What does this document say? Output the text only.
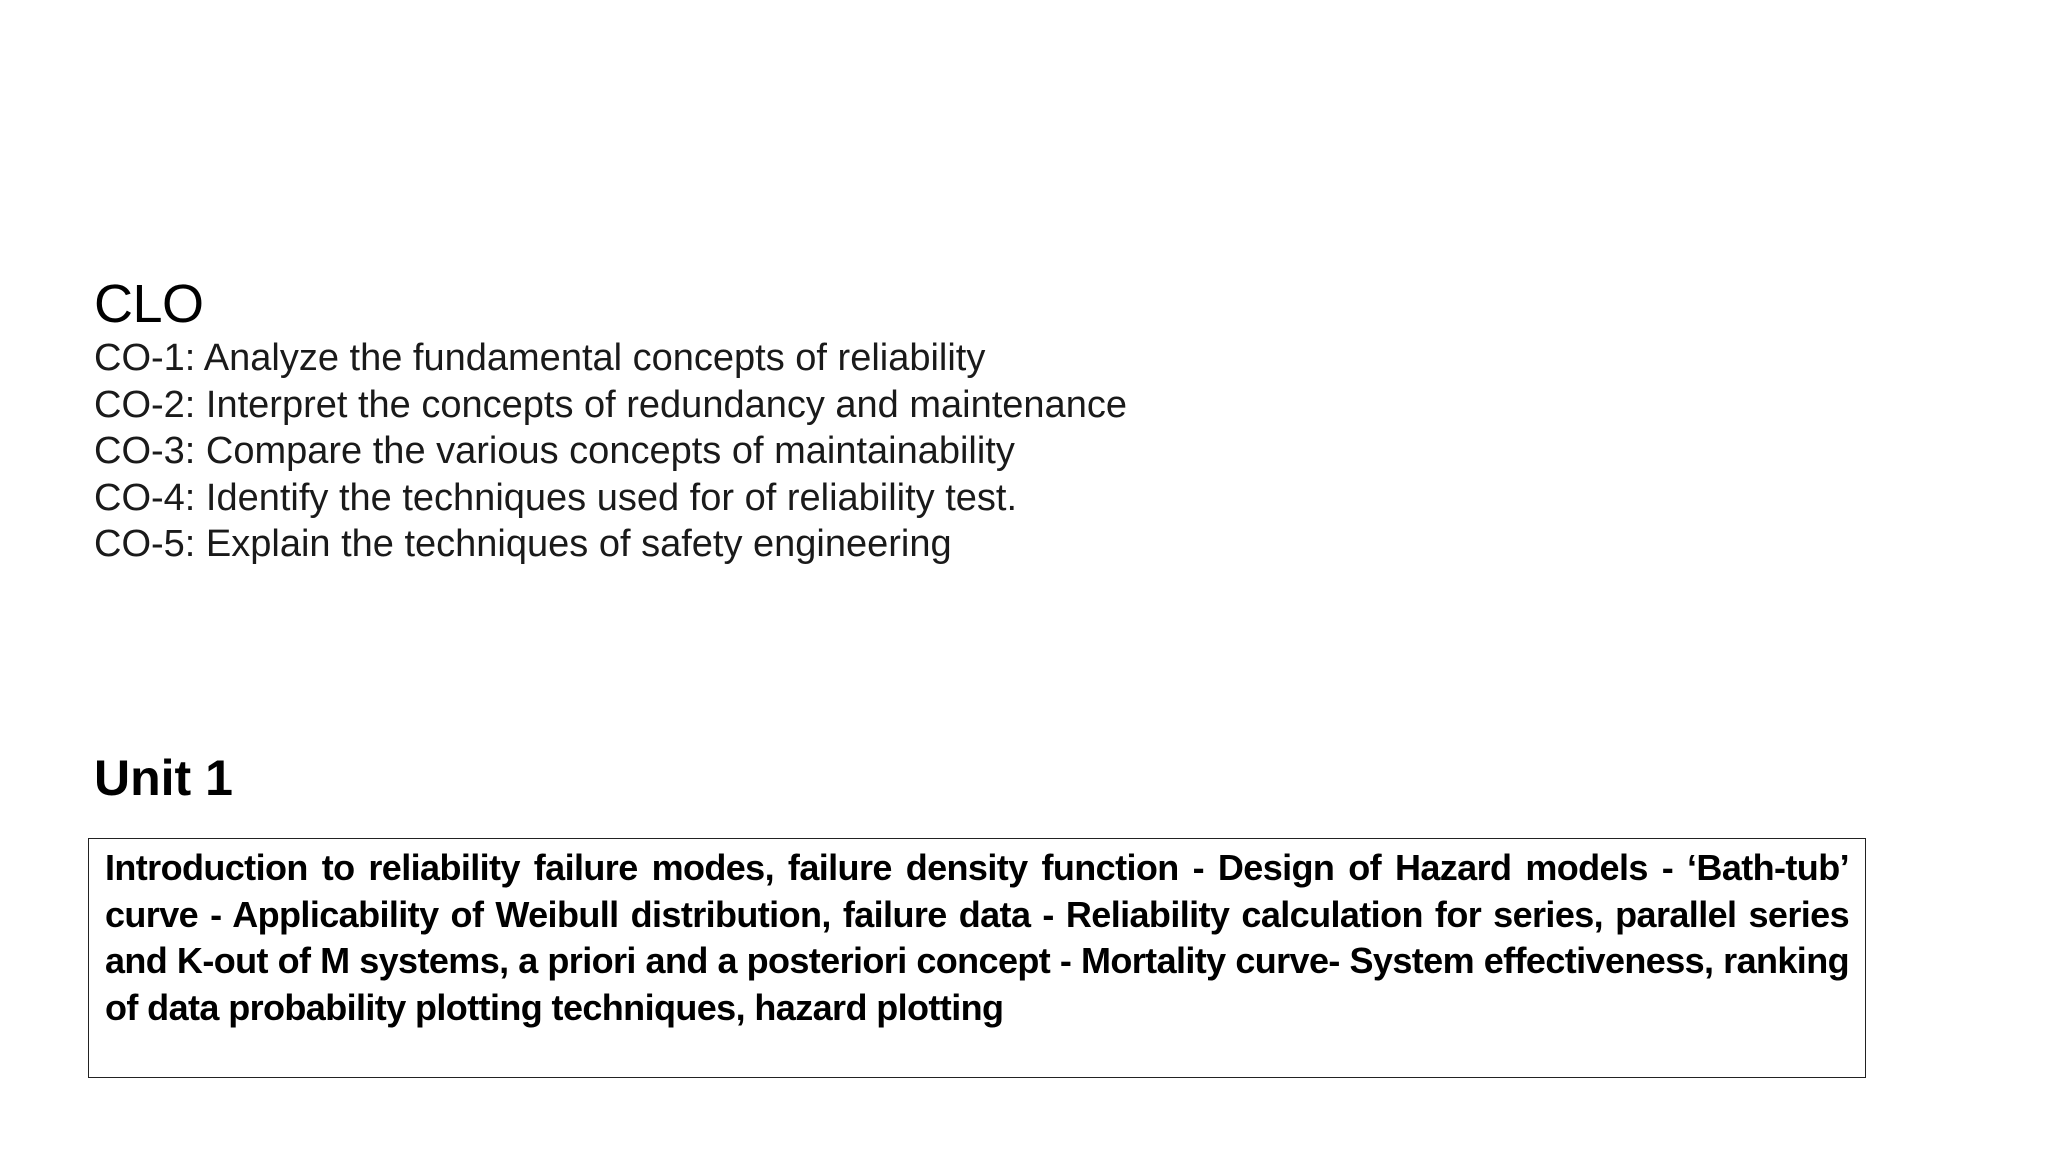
CLO
CO-1: Analyze the fundamental concepts of reliability
CO-2: Interpret the concepts of redundancy and maintenance
CO-3: Compare the various concepts of maintainability
CO-4: Identify the techniques used for of reliability test.
CO-5: Explain the techniques of safety engineering
Unit 1

Introduction to reliability failure modes, failure density function - Design of Hazard models - ‘Bath-tub’ curve - Applicability of Weibull distribution, failure data - Reliability calculation for series, parallel series and K-out of M systems, a priori and a posteriori concept - Mortality curve- System effectiveness, ranking of data probability plotting techniques, hazard plotting
